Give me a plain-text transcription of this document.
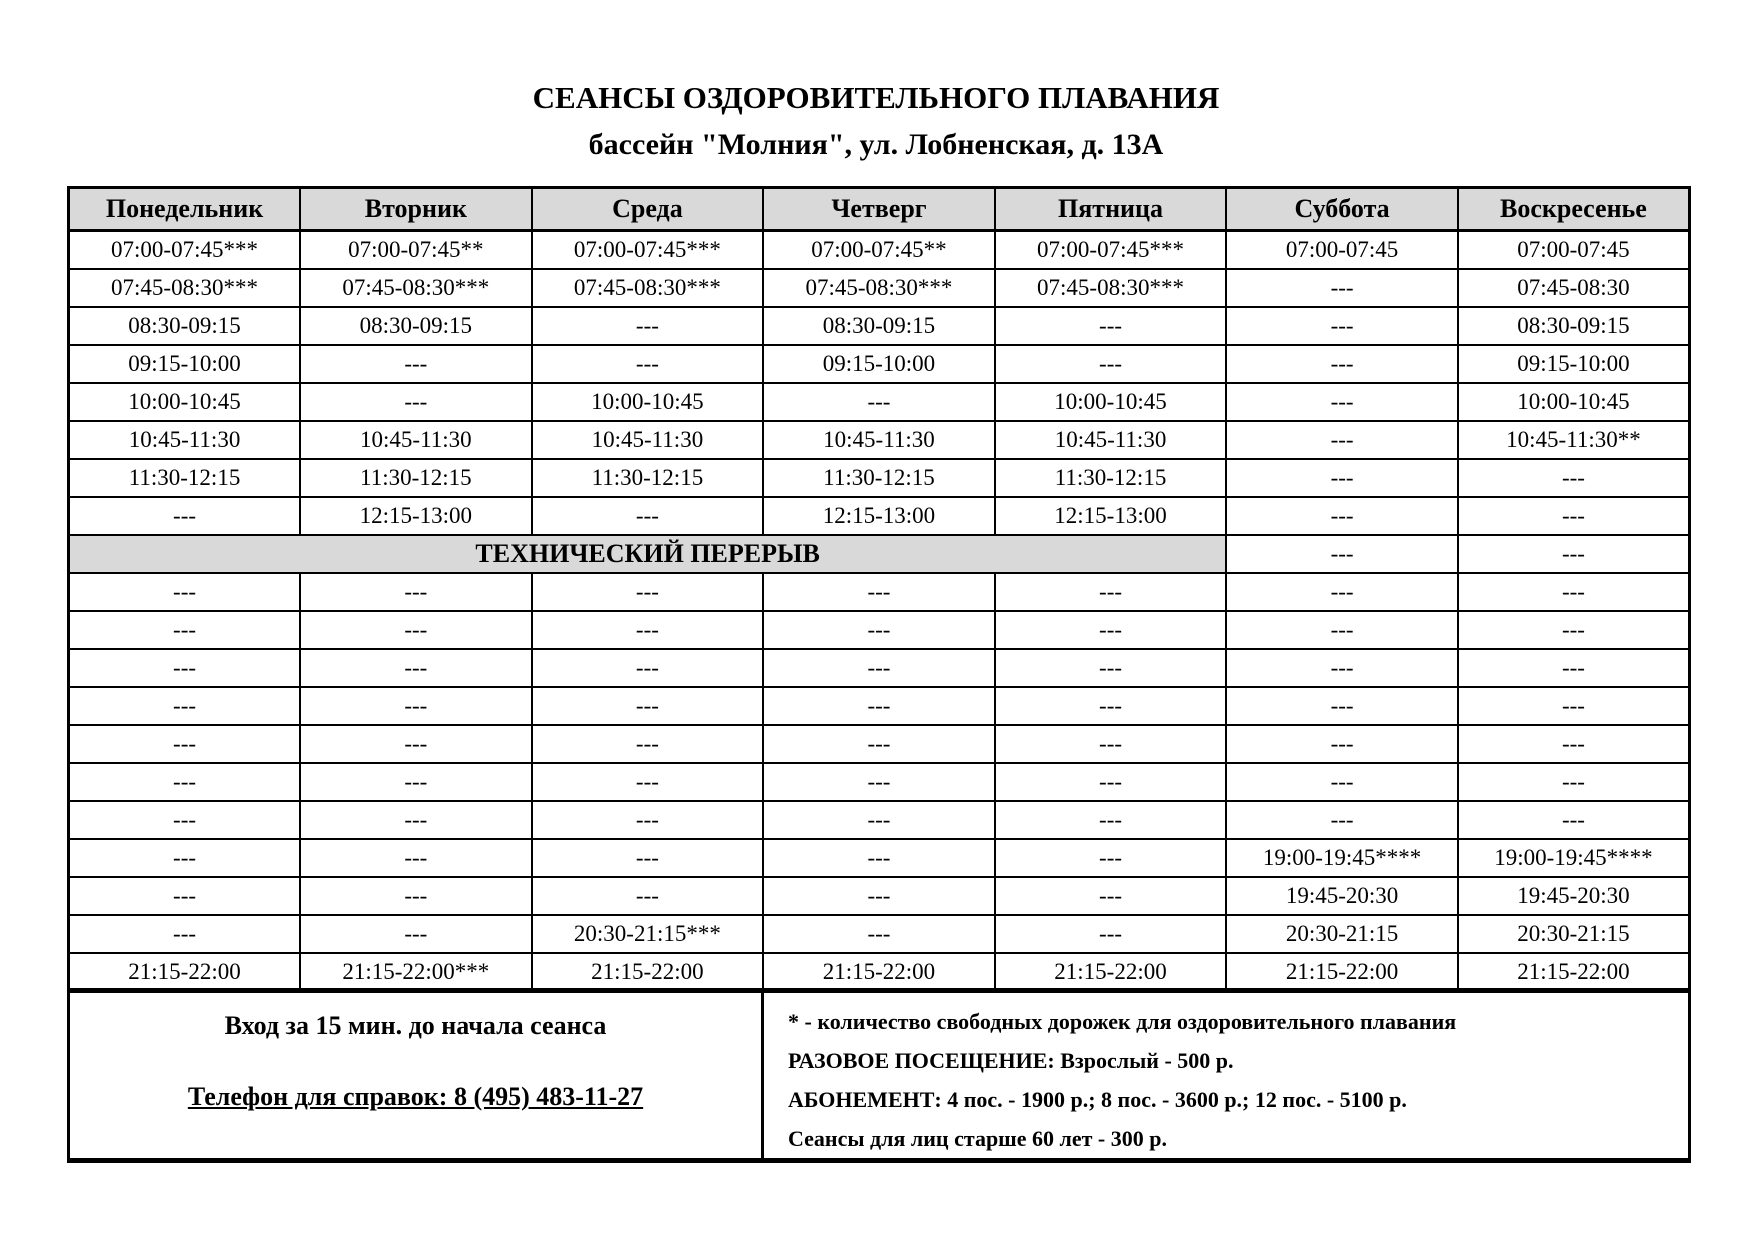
СЕАНСЫ ОЗДОРОВИТЕЛЬНОГО ПЛАВАНИЯ
бассейн "Молния", ул. Лобненская, д. 13А
Понедельник	Вторник	Среда	Четверг	Пятница	Суббота	Воскресенье
07:00-07:45***	07:00-07:45**	07:00-07:45***	07:00-07:45**	07:00-07:45***	07:00-07:45	07:00-07:45
07:45-08:30***	07:45-08:30***	07:45-08:30***	07:45-08:30***	07:45-08:30***	---	07:45-08:30
08:30-09:15	08:30-09:15	---	08:30-09:15	---	---	08:30-09:15
09:15-10:00	---	---	09:15-10:00	---	---	09:15-10:00
10:00-10:45	---	10:00-10:45	---	10:00-10:45	---	10:00-10:45
10:45-11:30	10:45-11:30	10:45-11:30	10:45-11:30	10:45-11:30	---	10:45-11:30**
11:30-12:15	11:30-12:15	11:30-12:15	11:30-12:15	11:30-12:15	---	---
---	12:15-13:00	---	12:15-13:00	12:15-13:00	---	---
ТЕХНИЧЕСКИЙ ПЕРЕРЫВ					---	---
---	---	---	---	---	---	---
---	---	---	---	---	---	---
---	---	---	---	---	---	---
---	---	---	---	---	---	---
---	---	---	---	---	---	---
---	---	---	---	---	---	---
---	---	---	---	---	---	---
---	---	---	---	---	19:00-19:45****	19:00-19:45****
---	---	---	---	---	19:45-20:30	19:45-20:30
---	---	20:30-21:15***	---	---	20:30-21:15	20:30-21:15
21:15-22:00	21:15-22:00***	21:15-22:00	21:15-22:00	21:15-22:00	21:15-22:00	21:15-22:00
Вход за 15 мин. до начала сеанса
Телефон для справок: 8 (495) 483-11-27
* - количество свободных дорожек для оздоровительного плавания
РАЗОВОЕ ПОСЕЩЕНИЕ: Взрослый - 500 р.
АБОНЕМЕНТ: 4 пос. - 1900 р.; 8 пос. - 3600 р.; 12 пос. - 5100 р.
Сеансы для лиц старше 60 лет - 300 р.
